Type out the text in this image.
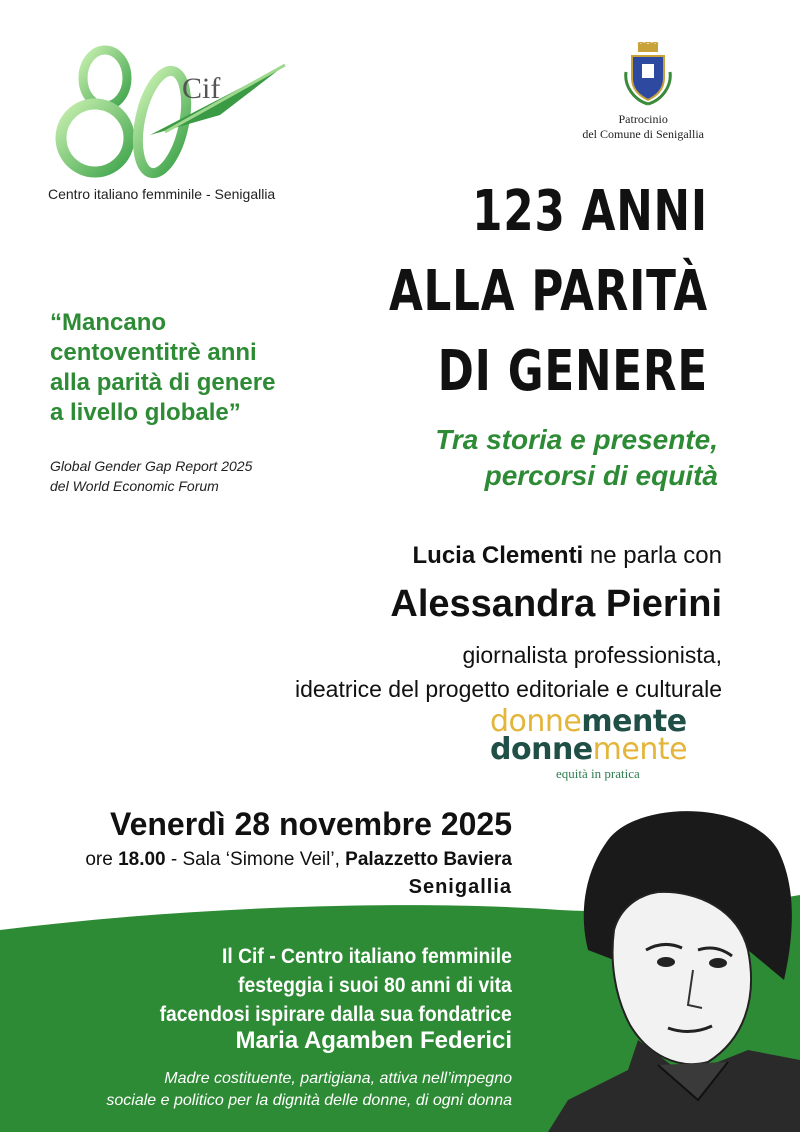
Cif
Centro italiano femminile - Senigallia
Patrocinio
del Comune di Senigallia
123 ANNI
ALLA PARITÀ
DI GENERE
Tra storia e presente,
percorsi di equità
“Mancano
centoventitrè anni
alla parità di genere
a livello globale”
Global Gender Gap Report 2025
del World Economic Forum
Lucia Clementi ne parla con
Alessandra Pierini
giornalista professionista,
ideatrice del progetto editoriale e culturale
donnemente
donnemente
equità in pratica
Venerdì 28 novembre 2025
ore 18.00 - Sala ‘Simone Veil’, Palazzetto Baviera
Senigallia
Il Cif - Centro italiano femminile
festeggia i suoi 80 anni di vita
facendosi ispirare dalla sua fondatrice
Maria Agamben Federici
Madre costituente, partigiana, attiva nell’impegno
sociale e politico per la dignità delle donne, di ogni donna
